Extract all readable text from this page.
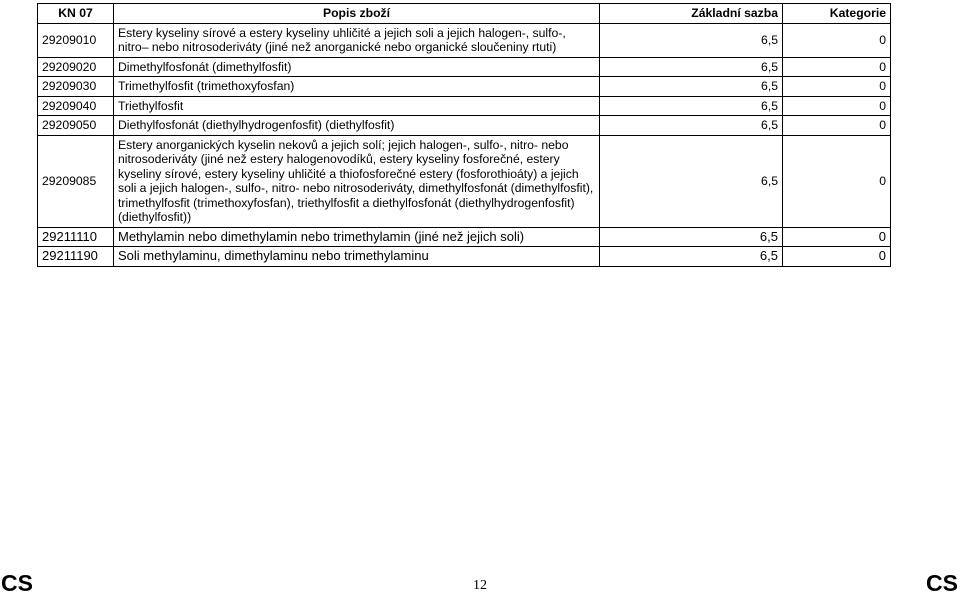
KN 07	Popis zboží	Základní sazba	Kategorie
29209010	Estery kyseliny sírové a estery kyseliny uhličité a jejich soli a jejich halogen-, sulfo-, nitro– nebo nitrosoderiváty (jiné než anorganické nebo organické sloučeniny rtuti)	6,5	0
29209020	Dimethylfosfonát (dimethylfosfit)	6,5	0
29209030	Trimethylfosfit (trimethoxyfosfan)	6,5	0
29209040	Triethylfosfit	6,5	0
29209050	Diethylfosfonát (diethylhydrogenfosfit) (diethylfosfit)	6,5	0
29209085	Estery anorganických kyselin nekovů a jejich solí; jejich halogen-, sulfo-, nitro- nebo nitrosoderiváty (jiné než estery halogenovodíků, estery kyseliny fosforečné, estery kyseliny sírové, estery kyseliny uhličité a thiofosforečné estery (fosforothioáty) a jejich soli a jejich halogen-, sulfo-, nitro- nebo nitrosoderiváty, dimethylfosfonát (dimethylfosfit), trimethylfosfit (trimethoxyfosfan), triethylfosfit a diethylfosfonát (diethylhydrogenfosfit) (diethylfosfit))	6,5	0
29211110	Methylamin nebo dimethylamin nebo trimethylamin (jiné než jejich soli)	6,5	0
29211190	Soli methylaminu, dimethylaminu nebo trimethylaminu	6,5	0
CS	12	CS
